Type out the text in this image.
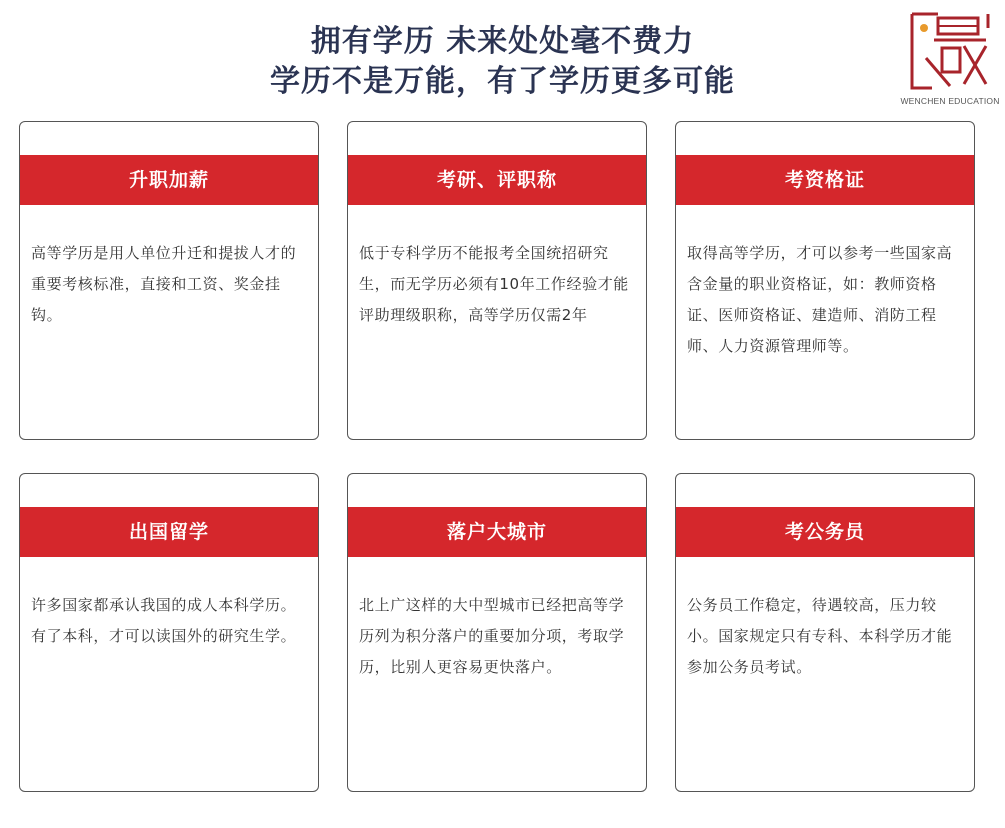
拥有学历 未来处处毫不费力
学历不是万能，有了学历更多可能
WENCHEN EDUCATION
升职加薪
高等学历是用人单位升迁和提拔人才的重要考核标准，直接和工资、奖金挂钩。
考研、评职称
低于专科学历不能报考全国统招研究生，而无学历必须有10年工作经验才能评助理级职称，高等学历仅需2年
考资格证
取得高等学历，才可以参考一些国家高含金量的职业资格证，如：教师资格证、医师资格证、建造师、消防工程师、人力资源管理师等。
出国留学
许多国家都承认我国的成人本科学历。有了本科，才可以读国外的研究生学。
落户大城市
北上广这样的大中型城市已经把高等学历列为积分落户的重要加分项，考取学历，比别人更容易更快落户。
考公务员
公务员工作稳定，待遇较高，压力较小。国家规定只有专科、本科学历才能参加公务员考试。
